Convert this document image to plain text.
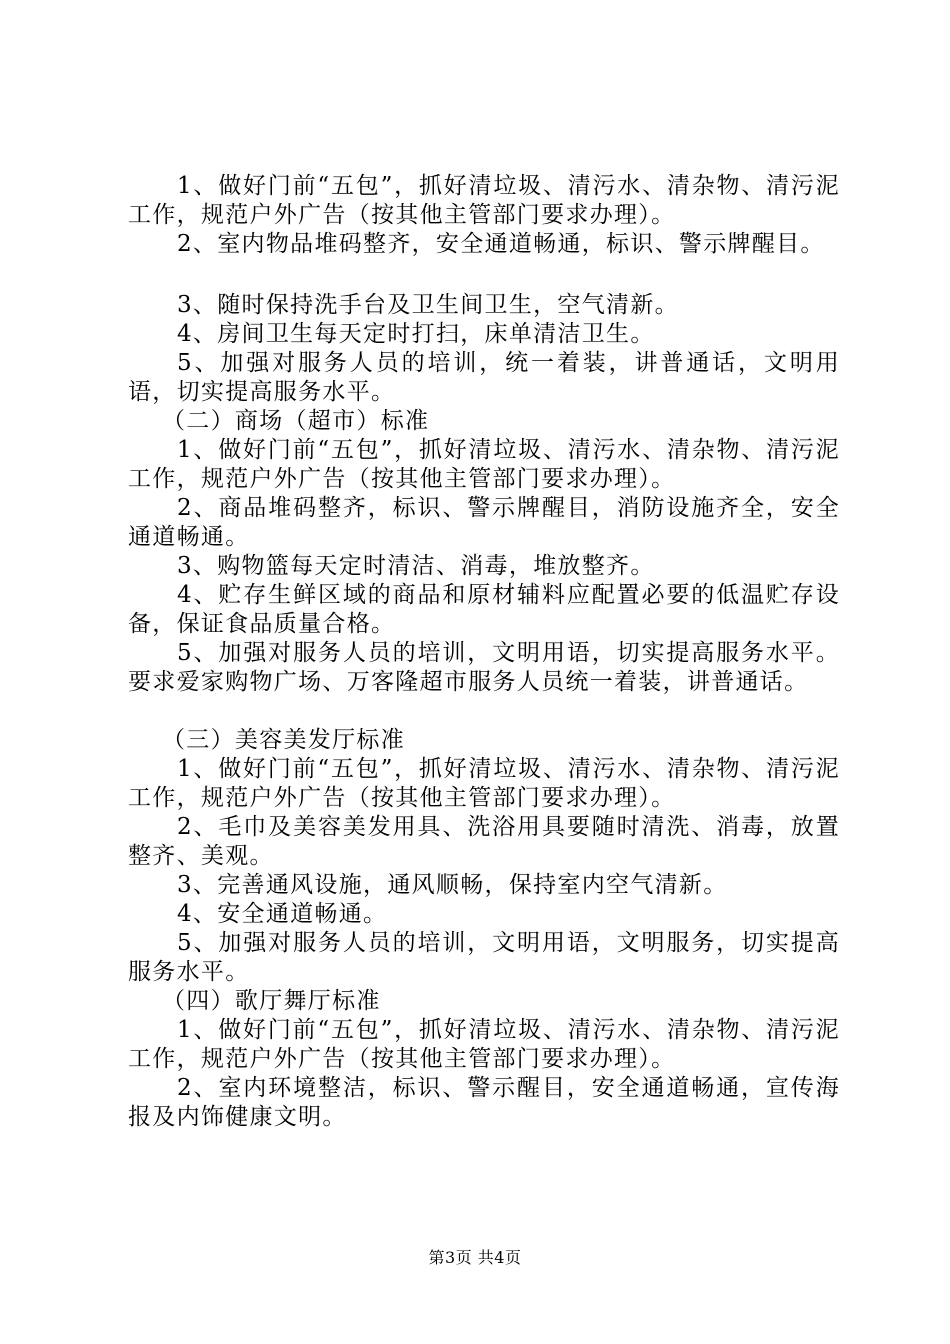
1、做好门前“五包”，抓好清垃圾、清污水、清杂物、清污泥工作，规范户外广告（按其他主管部门要求办理）。

2、室内物品堆码整齐，安全通道畅通，标识、警示牌醒目。

3、随时保持洗手台及卫生间卫生，空气清新。

4、房间卫生每天定时打扫，床单清洁卫生。

5、加强对服务人员的培训，统一着装，讲普通话，文明用语，切实提高服务水平。

（二）商场（超市）标准

1、做好门前“五包”，抓好清垃圾、清污水、清杂物、清污泥工作，规范户外广告（按其他主管部门要求办理）。

2、商品堆码整齐，标识、警示牌醒目，消防设施齐全，安全通道畅通。

3、购物篮每天定时清洁、消毒，堆放整齐。

4、贮存生鲜区域的商品和原材辅料应配置必要的低温贮存设备，保证食品质量合格。

5、加强对服务人员的培训，文明用语，切实提高服务水平。要求爱家购物广场、万客隆超市服务人员统一着装，讲普通话。

（三）美容美发厅标准

1、做好门前“五包”，抓好清垃圾、清污水、清杂物、清污泥工作，规范户外广告（按其他主管部门要求办理）。

2、毛巾及美容美发用具、洗浴用具要随时清洗、消毒，放置整齐、美观。

3、完善通风设施，通风顺畅，保持室内空气清新。

4、安全通道畅通。

5、加强对服务人员的培训，文明用语，文明服务，切实提高服务水平。

（四）歌厅舞厅标准

1、做好门前“五包”，抓好清垃圾、清污水、清杂物、清污泥工作，规范户外广告（按其他主管部门要求办理）。

2、室内环境整洁，标识、警示醒目，安全通道畅通，宣传海报及内饰健康文明。

第3页 共4页
